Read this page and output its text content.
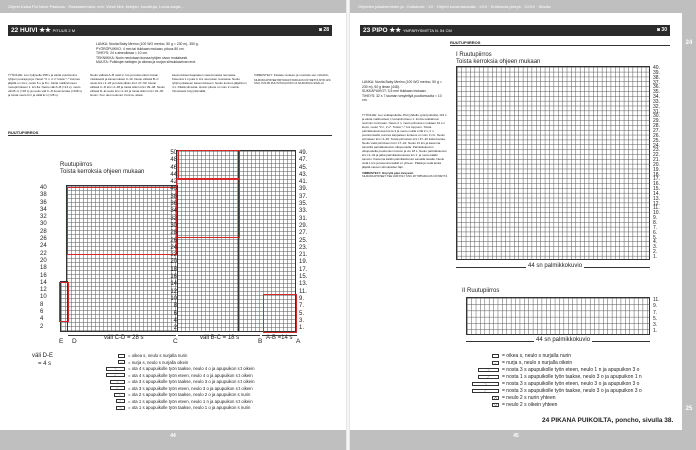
Ohjeet Kaisa Pui Neue Pakkaus · Raskaammistu; mm. Viesti Mnt; tietojen, kuvattuja, Loma-sarjat...
22 HUIVI ★★ PITUUS 2 M	◙ 28
LANKA: Novita Baby Merino (100 WO merino, 50 g = 230 m), 350 g.
PYÖRÖPUIKKO: 4 mm tai tiukkaan mukaan, pituus 80 cm.
TIHEYS: 24 s aineoikeaa = 10 cm.
TEKNIIKKA: Nurin neulotaan tuossa tyhjien sivun mukaisesti.
MUUTA: Puikkojen taittojen ja oikean ja nurjan silmukkaviivan erot.
TYÖOHJE: Luo hyllyselle 258 s ja aloita puuttomina tyhjien puuraja ja ja. Neulo *2 n, 2 o* toista *–* kunnes jäljellä on 14 s, neulo 5 o ja 8 n. Aloita mallirivinneet ruutupiirroksen 1. krs:lta. Neulo väli A–B (=14 s), neulo väli B–C (=18 s) ja neulo väli C–D kuusi kertaa (=168 s) ja toista neulo D:n ja väliä E:n (=28 s).
Neulo välissä A–B neliö 2. krs ja toista oikein kuvan mukaisesti ja kavennukset 3–10. Neulo välissä B–C neulo krs:t 2–26 ja toista silloin krs:t 27–50. Neulo välissä C–D krs:t 2–38 ja toista silloin krs:t 39–48. Neulo välissä D–E neulo krs:t 2–22 ja toista silloin krs:t 22–36. Huom. Kun olet neulonut 3 krs:ta, aloita
kavennukset kappaleen vasemmassa reunassa. Kavenna 1 s joka 4. krs neuroisen reunassa. Neulo tyhjiin jokaiseen kavennukseen. Neulo kunnes jäljellä on 4 s. Päätä silmukat. Huivin pituus on noin 2 metriä. Viimeistele höyryttämällä.
VIIMEISTELY: Kastele neuleen ja muotoile sen mittoihin.
SILMUKKAPISTEET/IRTOAVAT PAKKAUS KÖYRETTÄ MTR 12% SIVU OUS 85 RUUTUTAULUKKO 14 SILMUKKAA SISÄLLÄ
RUUTUPIIRROS
Ruutupiirros
Toista kerroksia ohjeen mukaan
50
48
46
44
42
40
38
36
34
32
30
28
26
24
22
20
18
16
14
12
10
8
6
4
2
40
38
36
34
32
30
28
26
24
22
20
18
16
14
12
10
8
6
4
2
49.
47.
45.
43.
41.
39.
37.
35.
33.
31.
29.
27.
25.
23.
21.
19.
17.
15.
13.
11.
9.
7.
5.
3.
1.
E D	C	B	A
väli C-D = 28 s	väli B-C = 18 s	A-B =14 s
väli D-E
= 4 s
= oikea s, neulo s nurjalla nurin
– = nurja s, neulo s nurjalla oikein
⟍	= ota 4 s apupuikolle työn taakse, neulo 4 o ja apupuikon s:t oikein
⟋	= ota 4 s apupuikolle työn eteen, neulo 4 o ja apupuikon s:t oikein
⟍ = ota 3 s apupuikolle työn taakse, neulo 3 o ja apupuikon s:t oikein
⟋ = ota 3 s apupuikolle työn eteen, neulo 3 o ja apupuikon s:t oikein
⟍ = ota 2 s apupuikolle työn taakse, neulo 2 o ja apupuikon s nurin
⟋ = ota 1 s apupuikolle työn eteen, neulo 1 n ja apupuikon s:t oikein
⟍ = ota 1 s apupuikolle työn taakse, neulo 1 o ja apupuikon s nurin
44
Ohjeiden julkaiseminen ja - Kutistuvia · XX · Ohjeet kuvamakuralla · XXX · Kutistuvia yhteys · XXXX · Sinulla
23 PIPO ★★ YMPÄRYSMITTA N. 54 CM	◙ 30
RUUTUPIIRROS
LANKA: Novita Baby Merino (100 WO merino, 50 g = 230 m), 50 g ilman (448).
SUKKAPUIKOT: 3,5 mm tiukkaan mukaan.
TIHEYS: 32 s 7 lauman vesyleltyä puuttomuutta = 10 cm.
TYÖOHJE: Luo sukkapuikolle 15d (yhdelle pyöröpuikolle) 124 s ja aloita mallinuoleet I ruutupiirroksen 1. krs:lta sukkahoun reuhmin nurinnaan. Neulo 2 n, neulo piirroksen mukaan 44 s:n kuvio, neulo *2 n, 2 o*. Toista *–* krs loppuun. Toista palmikkokuviossa krs:ta 3 ja neulo muilla s:illä 2 s, 2 n puuttomiseltä, kunnes kappaleen korkeus on noin 3 cm. Neulo piirroksen krs:t 3–36. Toista piirroksen krs:t 37–40 kaksi kertaa. Neulo vielä piirroksen krs:t 17–22. Neulo 21 krs ja kavenna samoilla palmikkokuvion ulkopuolella. Palmikkokuvion ulkopuolella puuttomien kuvion ja vie 18 s. Neulo palmikkokuvio krs:t 3–44 ja jatka palmikkokuviossa krs 1. ja neulo kaikki samoin. Kavenna kaikki palmikkokuviot samalla tavalla. Neulo vielä 1 krs ja kavenna kaikki s:t yhteen. Päätä ja vedä lanka jäljellä olevien silmukoiden läpi.
VIIMEISTELY: Höyrytä pipo kevyesti.
SILMUKKAPISTEET: TEE VAR POLY SIVU 28 TIPPAKKAUS KÖYRETTÄ
I Ruutupiirros
Toista kerroksia ohjeen mukaan
40.
39.
38.
37.
36.
35.
34.
33.
32.
31.
30.
29.
28.
27.
26.
25.
24.
23.
22.
21.
20.
19.
18.
17.
16.
15.
14.
13.
12.
11.
10.
9.
8.
7.
6.
5.
4.
3.
2.
1.
44 sn palmikkokuvio
II Ruutupiirros
11.
9.
7.
5.
3.
1.
44 sn palmikkokuvio
= oikea s, neulo s nurjalla nurin
– = nurja s, neulo s nurjalla oikein
⟍ = nosta 3 s apupuikolle työn eteen, neulo 1 n ja apupuikon 3 o
⟋ = nosta 1 s apupuikolle työn taakse, neulo 3 o ja apupuikon 1 n
⟍	= nosta 3 s apupuikolle työn eteen, neulo 3 o ja apupuikon 3 o
⟋	= nosta 3 s apupuikolle työn taakse, neulo 3 o ja apupuikon 3 o
⋀ = neulo 2 s nurin yhteen
⋁ = neulo 2 s oikein yhteen
24 PIKANA PUIKOILTA, poncho, sivulla 38.
45
24
25
